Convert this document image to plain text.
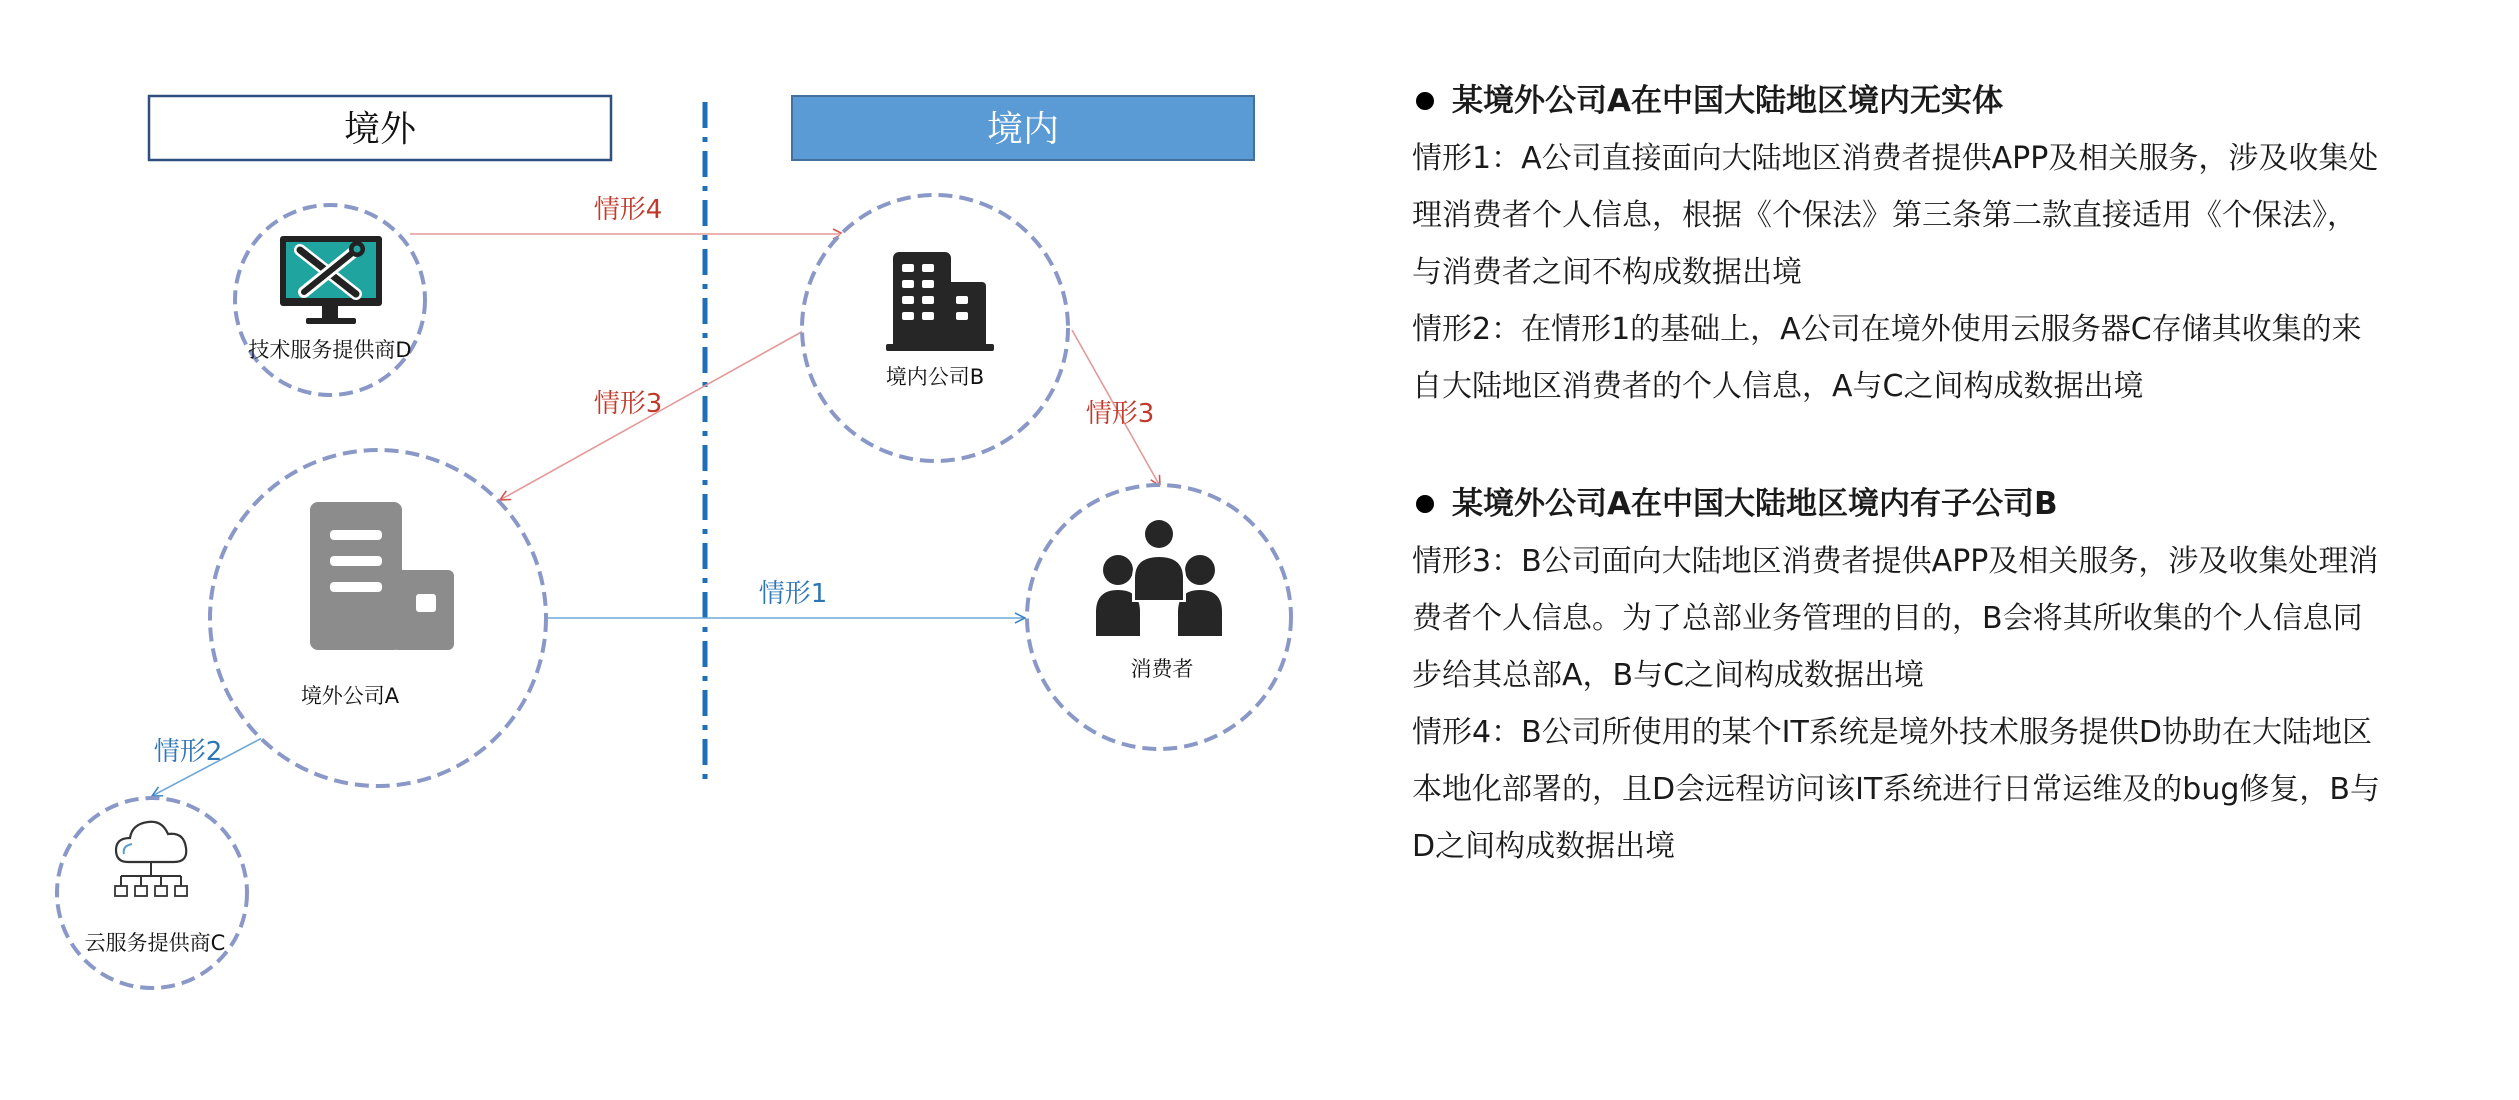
境外	境内
情形4
情形3	情形3
情形1
情形2
技术服务提供商D
境内公司B
境外公司A
消费者
云服务提供商C
某境外公司A在中国大陆地区境内无实体

情形1：A公司直接面向大陆地区消费者提供APP及相关服务，涉及收集处

理消费者个人信息，根据《个保法》第三条第二款直接适用《个保法》，

与消费者之间不构成数据出境

情形2：在情形1的基础上，A公司在境外使用云服务器C存储其收集的来

自大陆地区消费者的个人信息，A与C之间构成数据出境

某境外公司A在中国大陆地区境内有子公司B

情形3：B公司面向大陆地区消费者提供APP及相关服务，涉及收集处理消

费者个人信息。为了总部业务管理的目的，B会将其所收集的个人信息同

步给其总部A，B与C之间构成数据出境

情形4：B公司所使用的某个IT系统是境外技术服务提供D协助在大陆地区

本地化部署的，且D会远程访问该IT系统进行日常运维及的bug修复，B与

D之间构成数据出境
